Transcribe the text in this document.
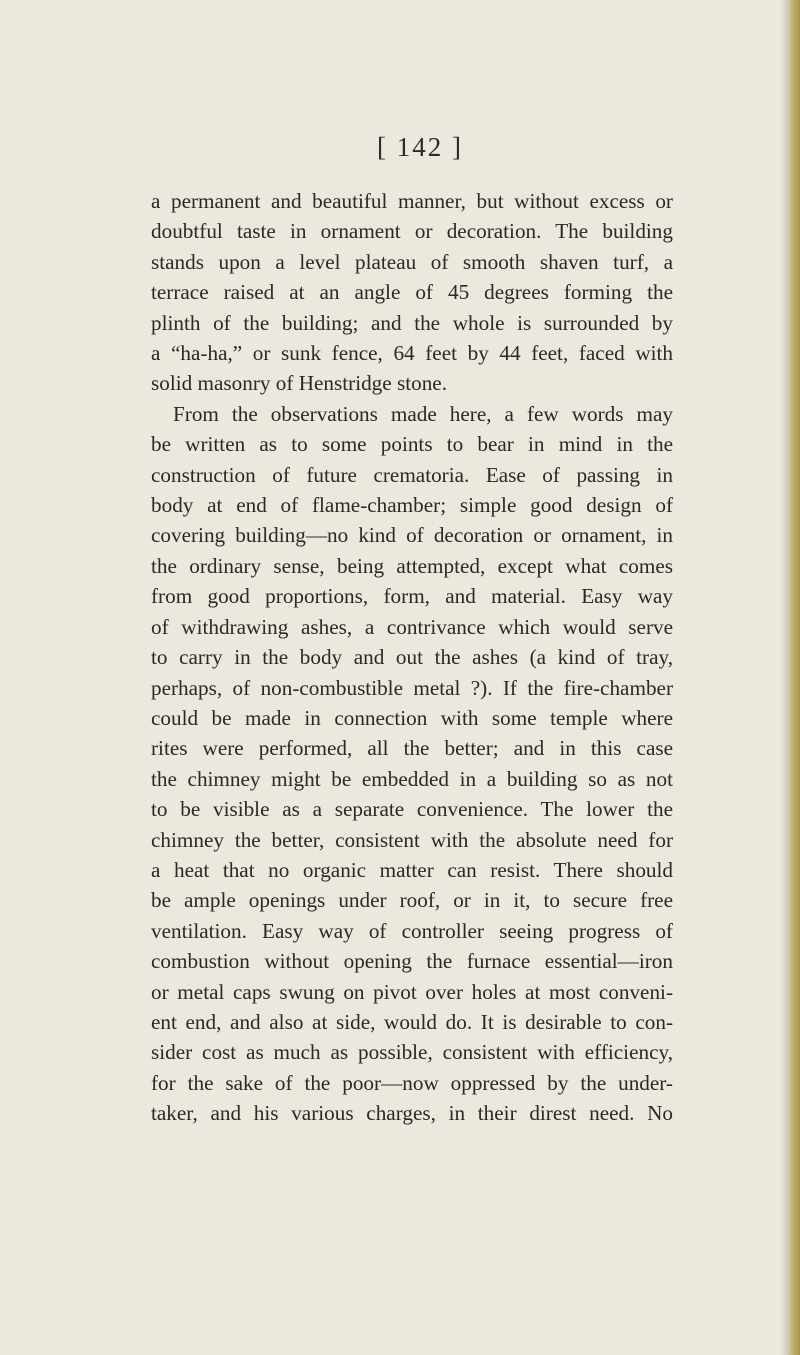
[ 142 ]
a permanent and beautiful manner, but without excess or
doubtful taste in ornament or decoration. The building
stands upon a level plateau of smooth shaven turf, a
terrace raised at an angle of 45 degrees forming the
plinth of the building; and the whole is surrounded by
a “ha-ha,” or sunk fence, 64 feet by 44 feet, faced with
solid masonry of Henstridge stone.
From the observations made here, a few words may
be written as to some points to bear in mind in the
construction of future crematoria. Ease of passing in
body at end of flame-chamber; simple good design of
covering building—no kind of decoration or ornament, in
the ordinary sense, being attempted, except what comes
from good proportions, form, and material. Easy way
of withdrawing ashes, a contrivance which would serve
to carry in the body and out the ashes (a kind of tray,
perhaps, of non-combustible metal ?). If the fire-chamber
could be made in connection with some temple where
rites were performed, all the better; and in this case
the chimney might be embedded in a building so as not
to be visible as a separate convenience. The lower the
chimney the better, consistent with the absolute need for
a heat that no organic matter can resist. There should
be ample openings under roof, or in it, to secure free
ventilation. Easy way of controller seeing progress of
combustion without opening the furnace essential—iron
or metal caps swung on pivot over holes at most conveni-
ent end, and also at side, would do. It is desirable to con-
sider cost as much as possible, consistent with efficiency,
for the sake of the poor—now oppressed by the under-
taker, and his various charges, in their direst need. No
